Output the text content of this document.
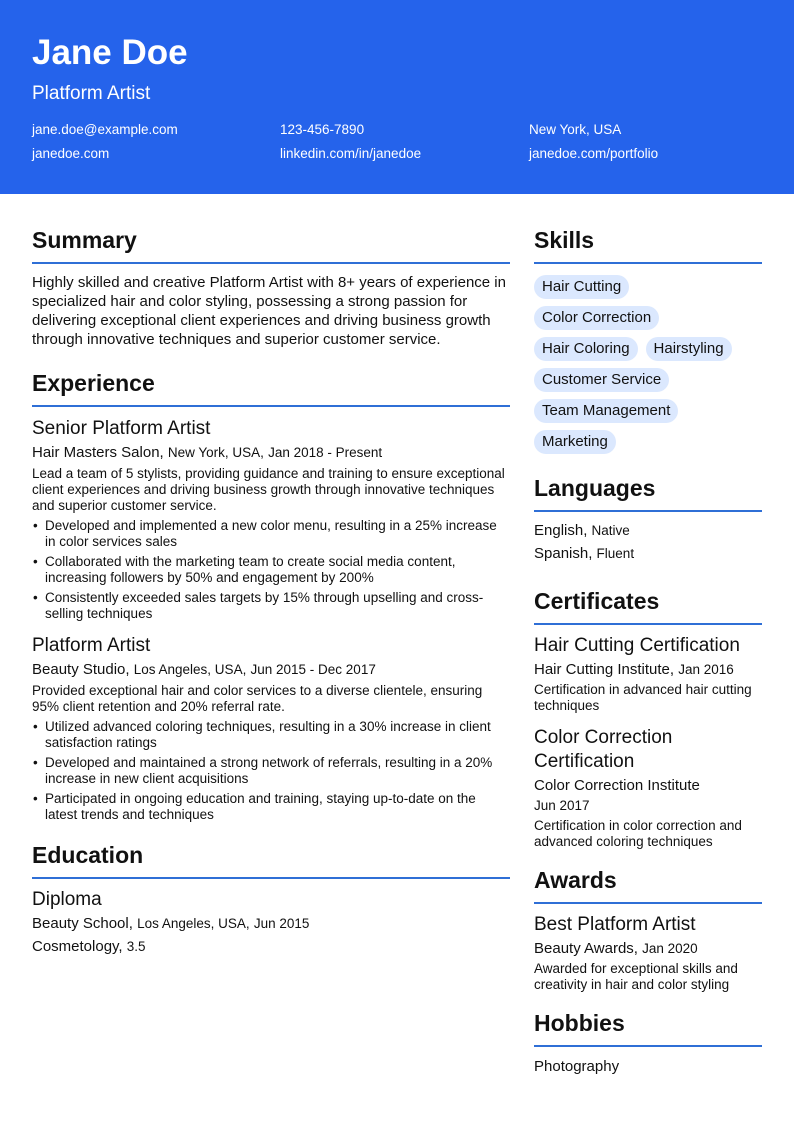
Jane Doe
Platform Artist
jane.doe@example.com	123-456-7890	New York, USA
janedoe.com	linkedin.com/in/janedoe	janedoe.com/portfolio
Summary

Highly skilled and creative Platform Artist with 8+ years of experience in specialized hair and color styling, possessing a strong passion for delivering exceptional client experiences and driving business growth through innovative techniques and superior customer service.

Experience
Senior Platform Artist
Hair Masters Salon, New York, USA, Jan 2018 - Present

Lead a team of 5 stylists, providing guidance and training to ensure exceptional client experiences and driving business growth through innovative techniques and superior customer service.

• Developed and implemented a new color menu, resulting in a 25% increase in color services sales
• Collaborated with the marketing team to create social media content, increasing followers by 50% and engagement by 200%
• Consistently exceeded sales targets by 15% through upselling and cross-selling techniques
Platform Artist
Beauty Studio, Los Angeles, USA, Jun 2015 - Dec 2017

Provided exceptional hair and color services to a diverse clientele, ensuring 95% client retention and 20% referral rate.

• Utilized advanced coloring techniques, resulting in a 30% increase in client satisfaction ratings
• Developed and maintained a strong network of referrals, resulting in a 20% increase in new client acquisitions
• Participated in ongoing education and training, staying up-to-date on the latest trends and techniques
Education
Diploma
Beauty School, Los Angeles, USA, Jun 2015
Cosmetology, 3.5
Skills
Hair Cutting
Color Correction
Hair Coloring Hairstyling
Customer Service
Team Management
Marketing
Languages
English, Native
Spanish, Fluent
Certificates
Hair Cutting Certification
Hair Cutting Institute, Jan 2016

Certification in advanced hair cutting techniques

Color Correction Certification
Color Correction Institute
Jun 2017

Certification in color correction and advanced coloring techniques

Awards
Best Platform Artist
Beauty Awards, Jan 2020

Awarded for exceptional skills and creativity in hair and color styling

Hobbies
Photography
